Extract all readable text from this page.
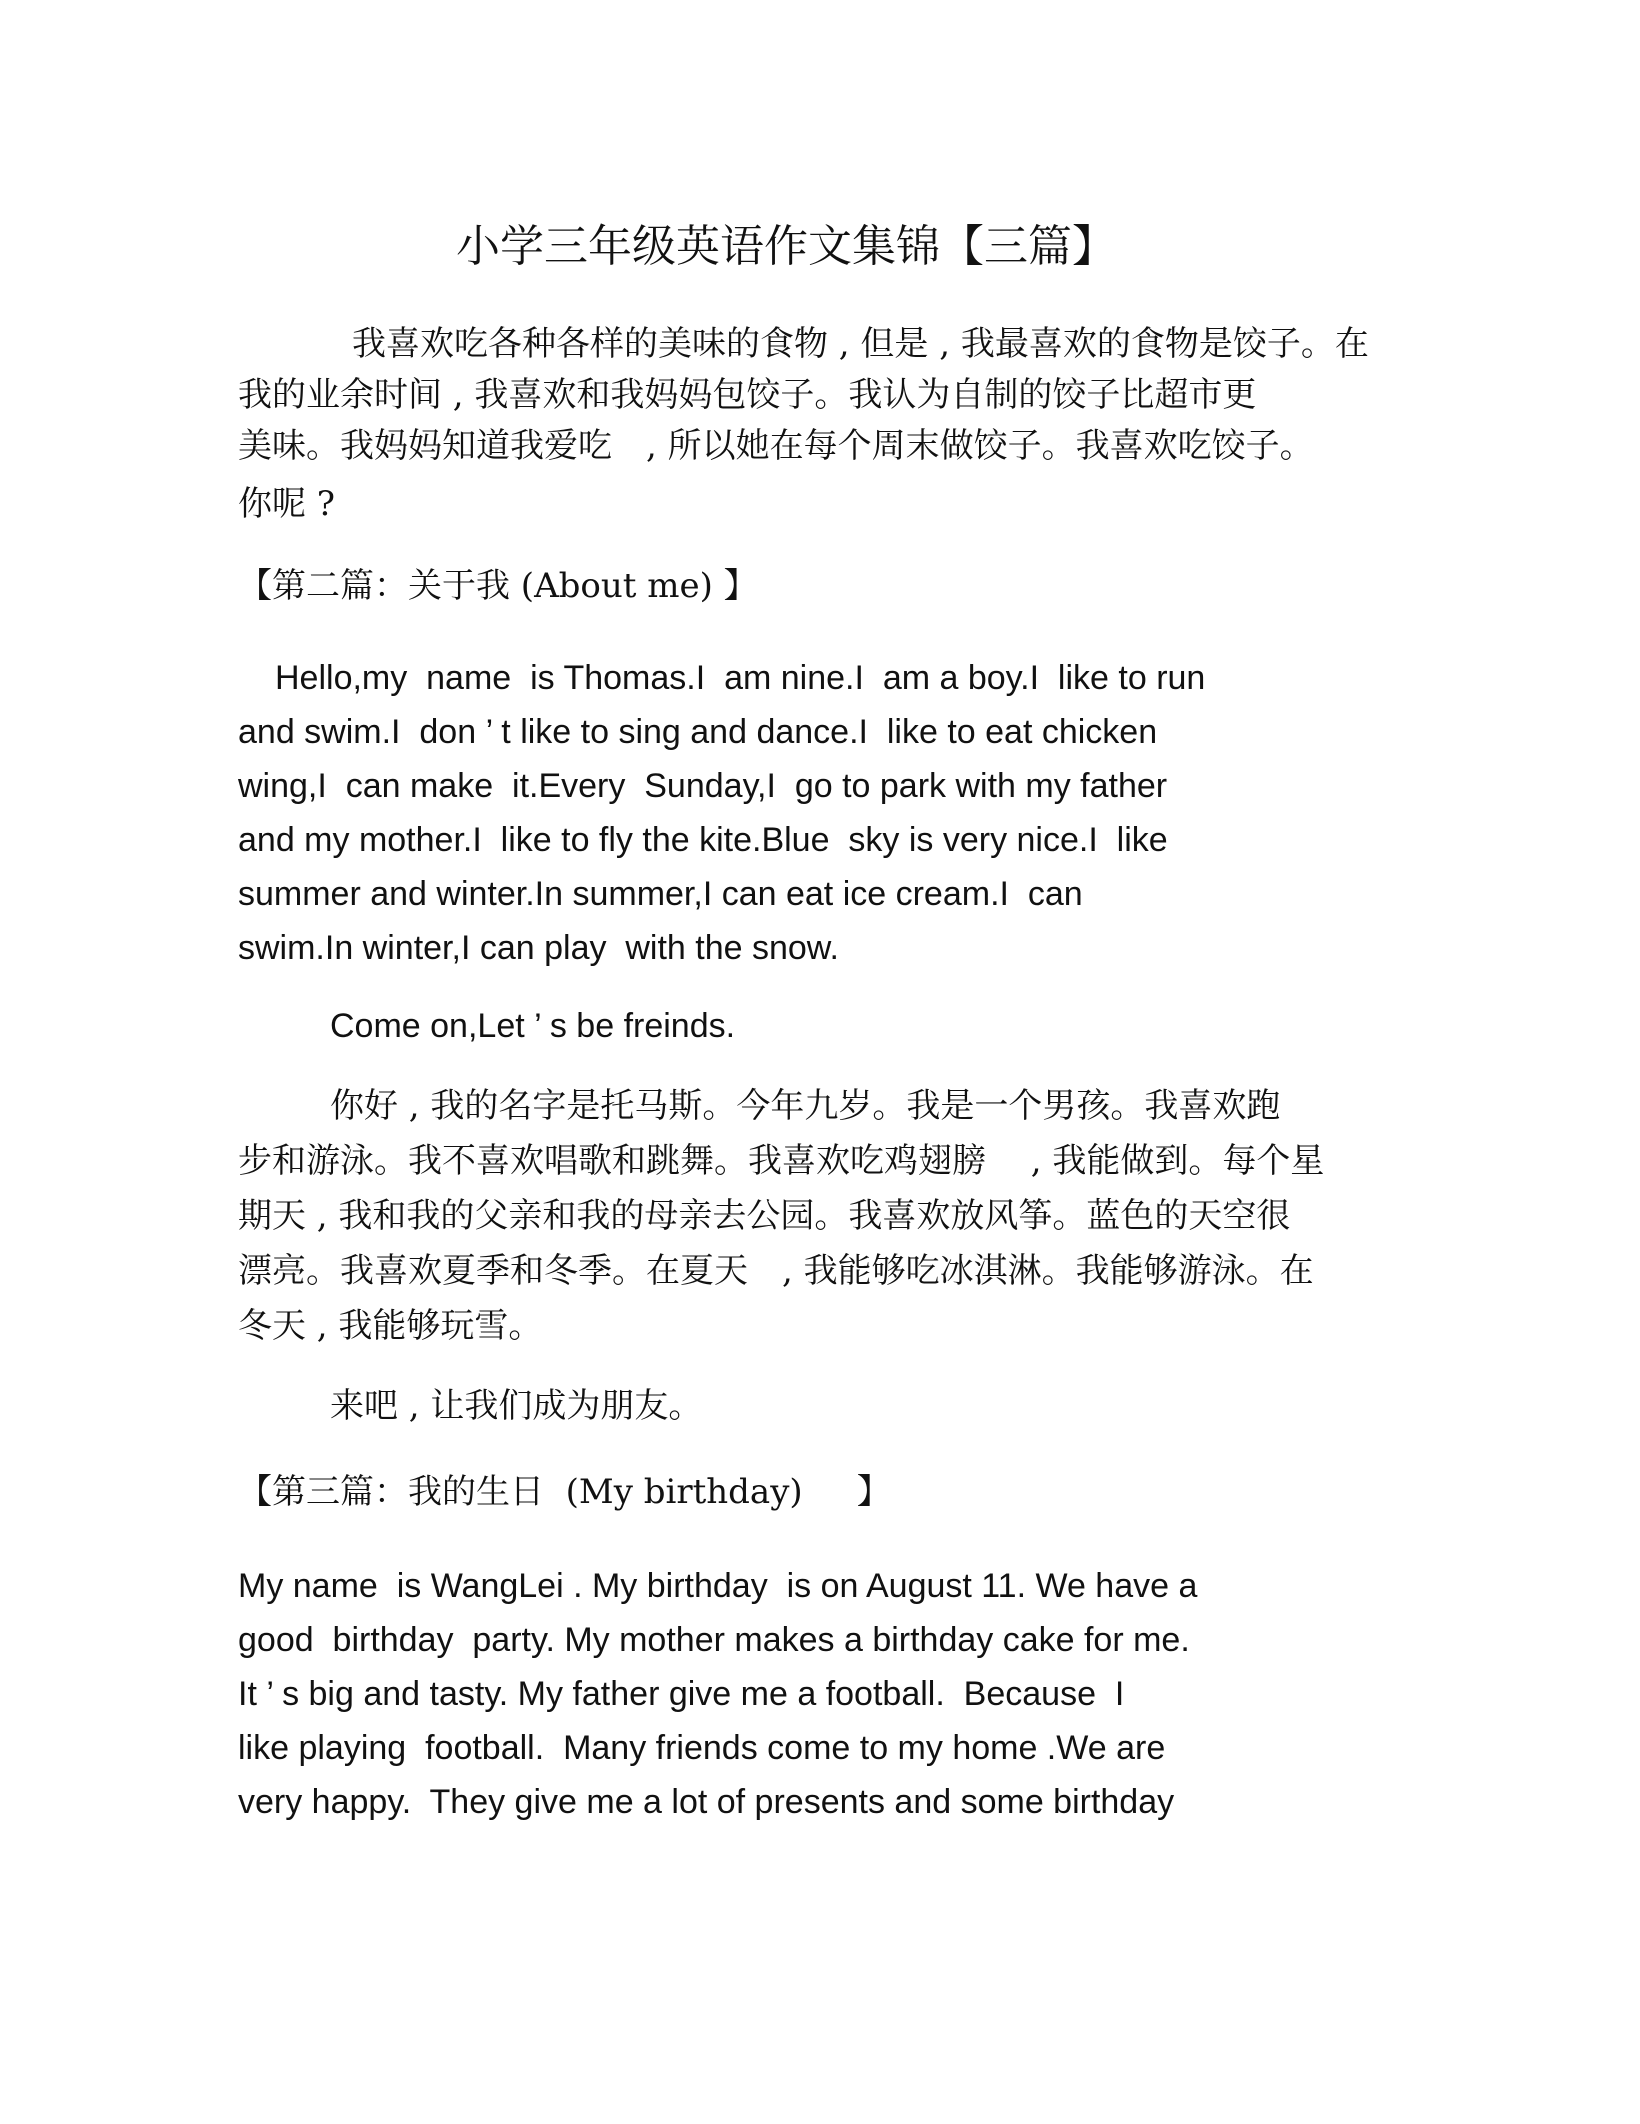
小学三年级英语作文集锦【三篇】
我喜欢吃各种各样的美味的食物 , 但是 , 我最喜欢的食物是饺子。在
我的业余时间 , 我喜欢和我妈妈包饺子。我认为自制的饺子比超市更
美味。我妈妈知道我爱吃　, 所以她在每个周末做饺子。我喜欢吃饺子。
你呢 ?
【第二篇：关于我 (About me) 】
Hello,my  name  is Thomas.I  am nine.I  am a boy.I  like to run
and swim.I  don ’ t like to sing and dance.I  like to eat chicken
wing,I  can make  it.Every  Sunday,I  go to park with my father
and my mother.I  like to fly the kite.Blue  sky is very nice.I  like
summer and winter.In summer,I can eat ice cream.I  can
swim.In winter,I can play  with the snow.
Come on,Let ’ s be freinds.
你好 , 我的名字是托马斯。今年九岁。我是一个男孩。我喜欢跑
步和游泳。我不喜欢唱歌和跳舞。我喜欢吃鸡翅膀　 , 我能做到。每个星
期天 , 我和我的父亲和我的母亲去公园。我喜欢放风筝。蓝色的天空很
漂亮。我喜欢夏季和冬季。在夏天　, 我能够吃冰淇淋。我能够游泳。在
冬天 , 我能够玩雪。
来吧 , 让我们成为朋友。
【第三篇：我的生日  (My birthday)     】
My name  is WangLei . My birthday  is on August 11. We have a
good  birthday  party. My mother makes a birthday cake for me.
It ’ s big and tasty. My father give me a football.  Because  I
like playing  football.  Many friends come to my home .We are
very happy.  They give me a lot of presents and some birthday
